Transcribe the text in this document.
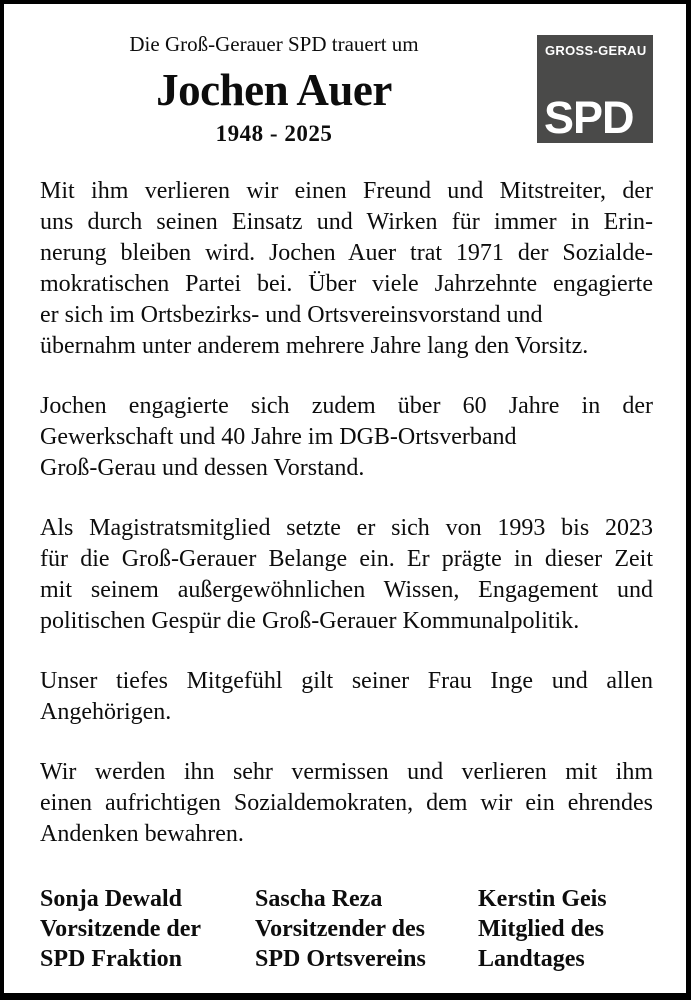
Die Groß-Gerauer SPD trauert um
Jochen Auer
1948 - 2025
GROSS-GERAU
SPD
Mit ihm verlieren wir einen Freund und Mitstreiter, der
uns durch seinen Einsatz und Wirken für immer in Erin-
nerung bleiben wird. Jochen Auer trat 1971 der Sozialde-
mokratischen Partei bei. Über viele Jahrzehnte engagierte
er sich im Ortsbezirks- und Ortsvereinsvorstand und
übernahm unter anderem mehrere Jahre lang den Vorsitz.
Jochen engagierte sich zudem über 60 Jahre in der
Gewerkschaft und 40 Jahre im DGB-Ortsverband
Groß-Gerau und dessen Vorstand.
Als Magistratsmitglied setzte er sich von 1993 bis 2023
für die Groß-Gerauer Belange ein. Er prägte in dieser Zeit
mit seinem außergewöhnlichen Wissen, Engagement und
politischen Gespür die Groß-Gerauer Kommunalpolitik.
Unser tiefes Mitgefühl gilt seiner Frau Inge und allen
Angehörigen.
Wir werden ihn sehr vermissen und verlieren mit ihm
einen aufrichtigen Sozialdemokraten, dem wir ein ehrendes
Andenken bewahren.
Sonja Dewald
Vorsitzende der
SPD Fraktion
Sascha Reza
Vorsitzender des
SPD Ortsvereins
Kerstin Geis
Mitglied des
Landtages
